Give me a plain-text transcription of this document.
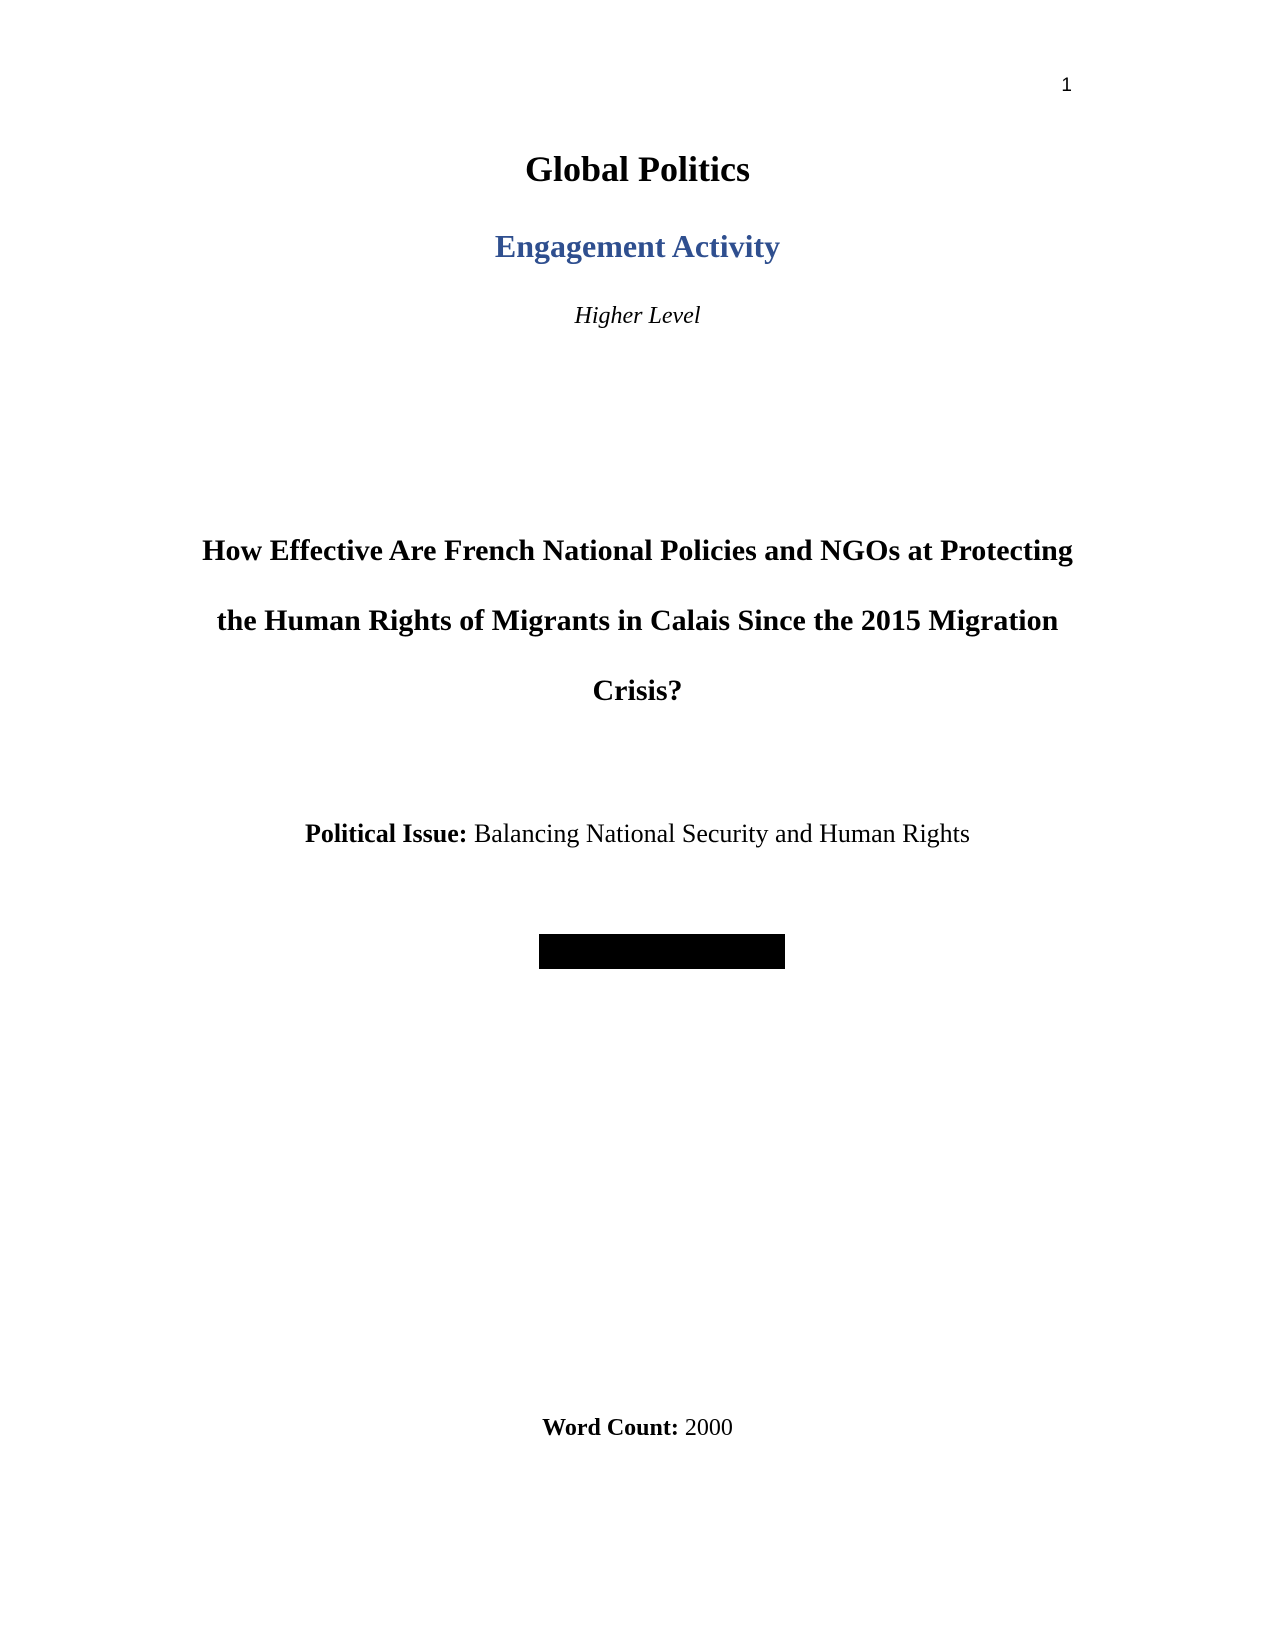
1
Global Politics
Engagement Activity

Higher Level

How Effective Are French National Policies and NGOs at Protecting the Human Rights of Migrants in Calais Since the 2015 Migration Crisis?

Political Issue: Balancing National Security and Human Rights

Word Count: 2000
